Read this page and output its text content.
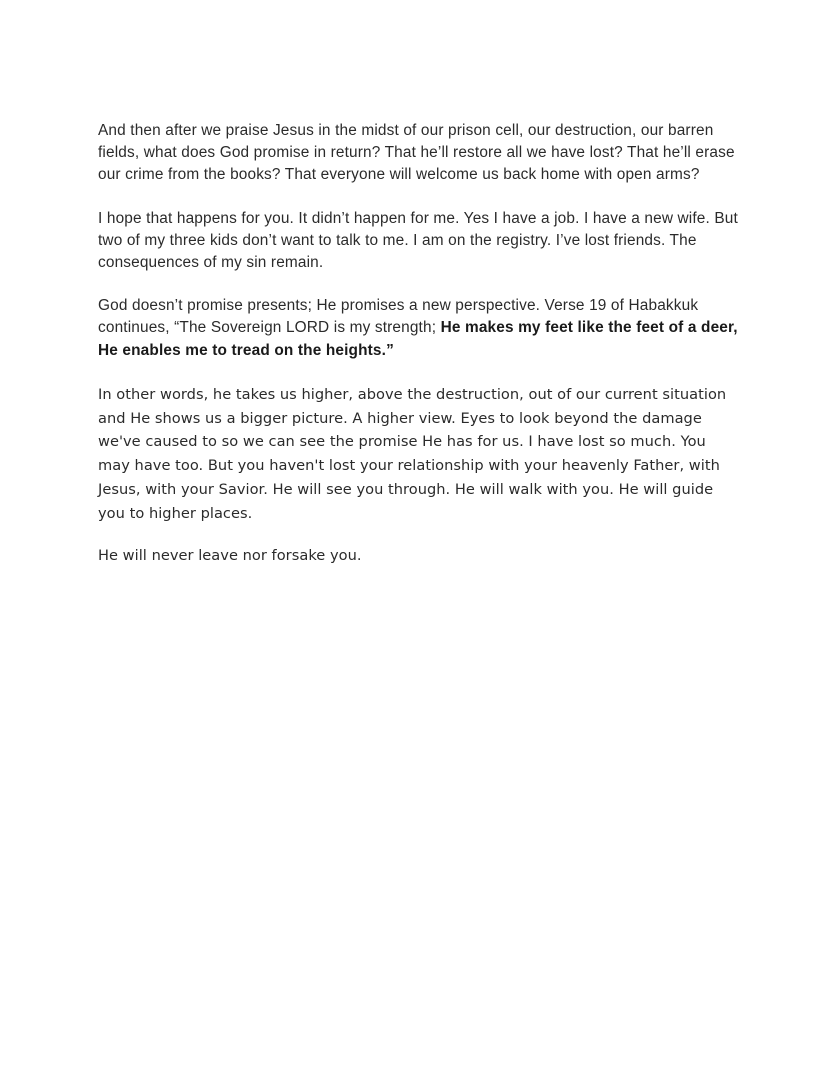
And then after we praise Jesus in the midst of our prison cell, our destruction, our barren fields, what does God promise in return? That he’ll restore all we have lost? That he’ll erase our crime from the books? That everyone will welcome us back home with open arms?

I hope that happens for you. It didn’t happen for me. Yes I have a job. I have a new wife. But two of my three kids don’t want to talk to me. I am on the registry. I’ve lost friends. The consequences of my sin remain.

God doesn’t promise presents; He promises a new perspective. Verse 19 of Habakkuk continues, “The Sovereign LORD is my strength; He makes my feet like the feet of a deer, He enables me to tread on the heights.”

In other words, he takes us higher, above the destruction, out of our current situation and He shows us a bigger picture. A higher view. Eyes to look beyond the damage we've caused to so we can see the promise He has for us. I have lost so much. You may have too. But you haven't lost your relationship with your heavenly Father, with Jesus, with your Savior. He will see you through. He will walk with you. He will guide you to higher places.

He will never leave nor forsake you.
